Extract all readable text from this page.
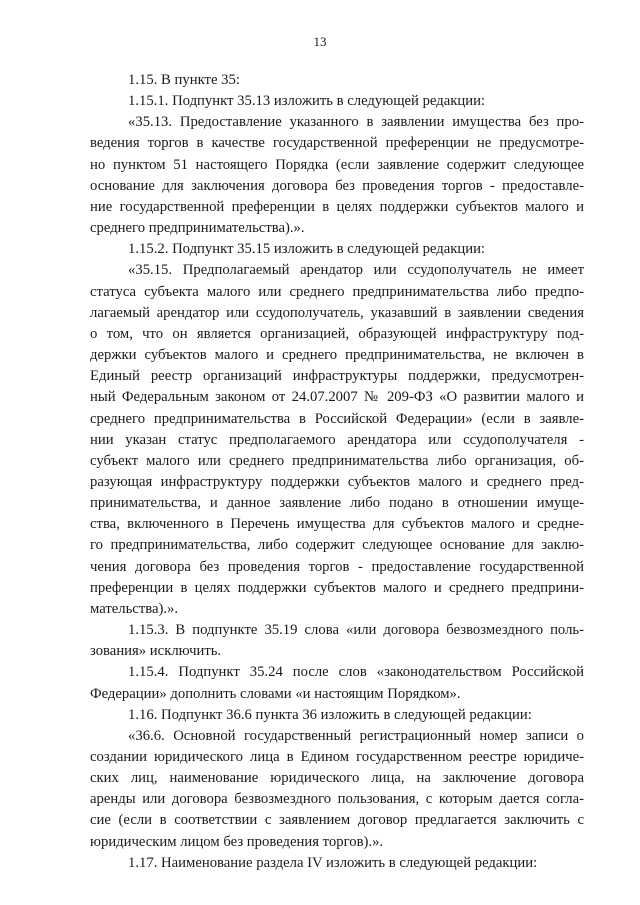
13
1.15. В пункте 35:
1.15.1. Подпункт 35.13 изложить в следующей редакции:
«35.13. Предоставление указанного в заявлении имущества без про-
ведения торгов в качестве государственной преференции не предусмотре-
но пунктом 51 настоящего Порядка (если заявление содержит следующее
основание для заключения договора без проведения торгов - предоставле-
ние государственной преференции в целях поддержки субъектов малого и
среднего предпринимательства).».
1.15.2. Подпункт 35.15 изложить в следующей редакции:
«35.15. Предполагаемый арендатор или ссудополучатель не имеет
статуса субъекта малого или среднего предпринимательства либо предпо-
лагаемый арендатор или ссудополучатель, указавший в заявлении сведения
о том, что он является организацией, образующей инфраструктуру под-
держки субъектов малого и среднего предпринимательства, не включен в
Единый реестр организаций инфраструктуры поддержки, предусмотрен-
ный Федеральным законом от 24.07.2007 № 209-ФЗ «О развитии малого и
среднего предпринимательства в Российской Федерации» (если в заявле-
нии указан статус предполагаемого арендатора или ссудополучателя -
субъект малого или среднего предпринимательства либо организация, об-
разующая инфраструктуру поддержки субъектов малого и среднего пред-
принимательства, и данное заявление либо подано в отношении имуще-
ства, включенного в Перечень имущества для субъектов малого и средне-
го предпринимательства, либо содержит следующее основание для заклю-
чения договора без проведения торгов - предоставление государственной
преференции в целях поддержки субъектов малого и среднего предприни-
мательства).».
1.15.3. В подпункте 35.19 слова «или договора безвозмездного поль-
зования» исключить.
1.15.4. Подпункт 35.24 после слов «законодательством Российской
Федерации» дополнить словами «и настоящим Порядком».
1.16. Подпункт 36.6 пункта 36 изложить в следующей редакции:
«36.6. Основной государственный регистрационный номер записи о
создании юридического лица в Едином государственном реестре юридиче-
ских лиц, наименование юридического лица, на заключение договора
аренды или договора безвозмездного пользования, с которым дается согла-
сие (если в соответствии с заявлением договор предлагается заключить с
юридическим лицом без проведения торгов).».
1.17. Наименование раздела IV изложить в следующей редакции:
